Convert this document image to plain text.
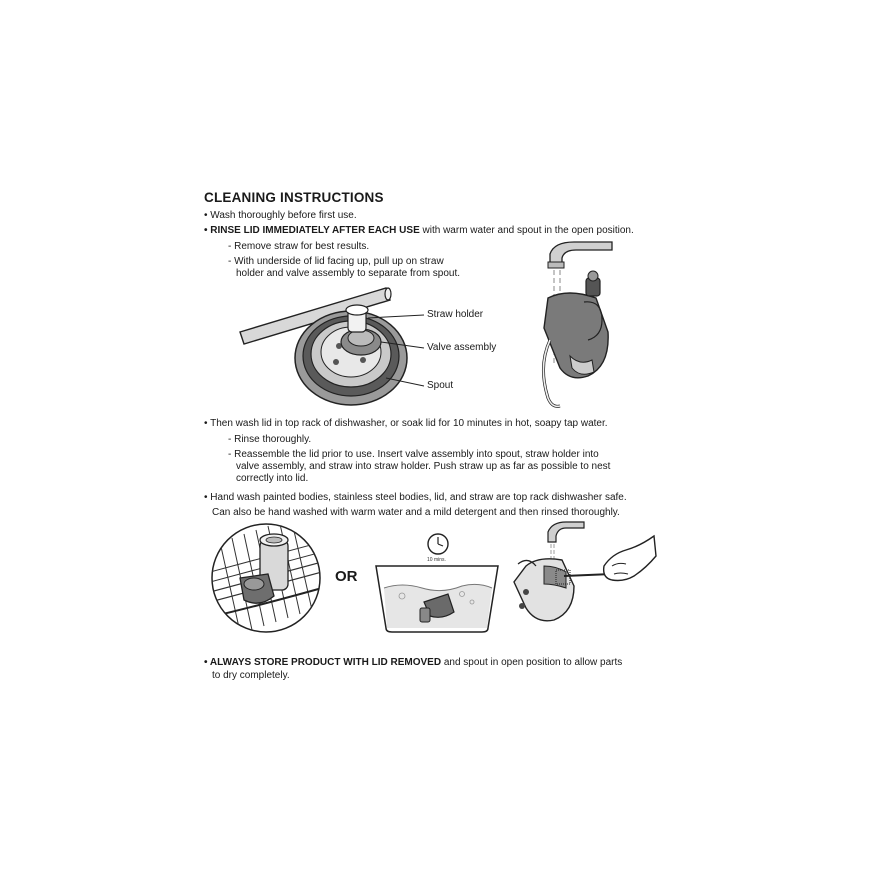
CLEANING INSTRUCTIONS
• Wash thoroughly before first use.
• RINSE LID IMMEDIATELY AFTER EACH USE with warm water and spout in the open position.
- Remove straw for best results.
- With underside of lid facing up, pull up on straw
holder and valve assembly to separate from spout.
Straw holder
Valve assembly
Spout
• Then wash lid in top rack of dishwasher, or soak lid for 10 minutes in hot, soapy tap water.
- Rinse thoroughly.
- Reassemble the lid prior to use. Insert valve assembly into spout, straw holder into
valve assembly, and straw into straw holder. Push straw up as far as possible to nest
correctly into lid.
• Hand wash painted bodies, stainless steel bodies, lid, and straw are top rack dishwasher safe.
Can also be hand washed with warm water and a mild detergent and then rinsed thoroughly.
OR
10 mins.
• ALWAYS STORE PRODUCT WITH LID REMOVED and spout in open position to allow parts
to dry completely.
